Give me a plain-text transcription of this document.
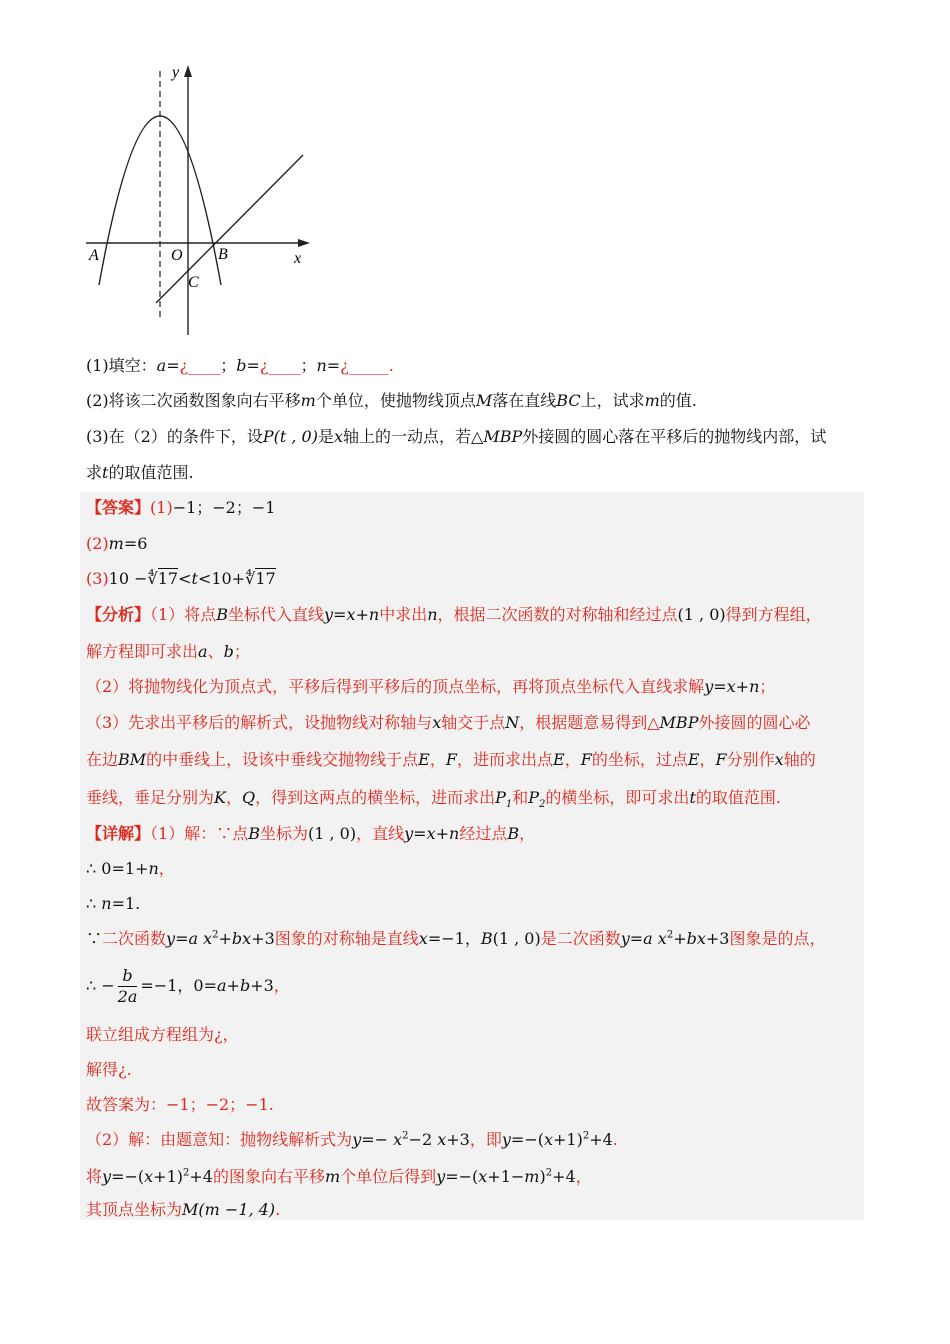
y
x
A	O B
C
(1)填空：a=¿____；b=¿____；n=¿_____.
(2)将该二次函数图象向右平移m个单位，使抛物线顶点M落在直线BC上，试求m的值.
(3)在（2）的条件下，设P(t , 0)是x轴上的一动点，若△MBP外接圆的圆心落在平移后的抛物线内部，试
求t的取值范围.
【答案】(1)−1；−2；−1
(2)m=6
(3)10 −∜17<t<10+∜17
【分析】（1）将点B坐标代入直线y=x+n中求出n，根据二次函数的对称轴和经过点(1 , 0)得到方程组，
解方程即可求出a、b；
（2）将抛物线化为顶点式，平移后得到平移后的顶点坐标，再将顶点坐标代入直线求解y=x+n；
（3）先求出平移后的解析式，设抛物线对称轴与x轴交于点N，根据题意易得到△MBP外接圆的圆心必
在边BM的中垂线上，设该中垂线交抛物线于点E，F，进而求出点E，F的坐标，过点E，F分别作x轴的
垂线，垂足分别为K，Q，得到这两点的横坐标，进而求出$P_1$和$P_2$的横坐标，即可求出t的取值范围.
【详解】（1）解：∵点B坐标为(1 , 0)，直线y=x+n经过点B，
∴ 0=1+n，
∴ n=1.
∵二次函数y=a $x^2+bx+3$图象的对称轴是直线x=−1，B(1 , 0)是二次函数y=a $x^2+bx+3$图象是的点，
∴ − $\frac{b}{2a} =-1$，0=a+b+3，
联立组成方程组为¿，
解得¿.
故答案为：−1；−2；−1.
（2）解：由题意知：抛物线解析式为$y=- x^2-2$ x+3，即$y=-(x+1)^2+4$.
将$y=-(x+1)^2+4$的图象向右平移m个单位后得到$y=-(x+1-m)^2+4$，
其顶点坐标为M(m −1, 4).
